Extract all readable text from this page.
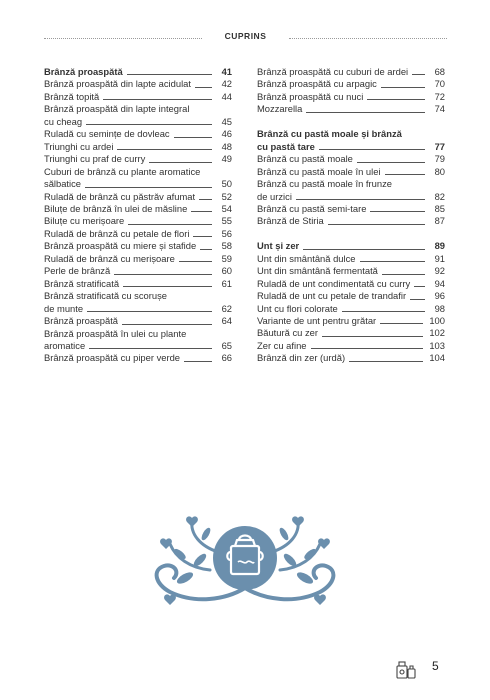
CUPRINS
Brânză proaspătă	41
Brânză proaspătă din lapte acidulat	42
Brânză topită	44
Brânză proaspătă din lapte integral
cu cheag	45
Ruladă cu semințe de dovleac	46
Triunghi cu ardei	48
Triunghi cu praf de curry	49
Cuburi de brânză cu plante aromatice
sălbatice	50
Ruladă de brânză cu păstrăv afumat	52
Biluțe de brânză în ulei de măsline	54
Biluțe cu merișoare	55
Ruladă de brânză cu petale de flori	56
Brânză proaspătă cu miere și stafide	58
Ruladă de brânză cu merișoare	59
Perle de brânză	60
Brânză stratificată	61
Brânză stratificată cu scorușe
de munte	62
Brânză proaspătă	64
Brânză proaspătă în ulei cu plante
aromatice	65
Brânză proaspătă cu piper verde	66
Brânză proaspătă cu cuburi de ardei	68
Brânză proaspătă cu arpagic	70
Brânză proaspătă cu nuci	72
Mozzarella	74
Brânză cu pastă moale și brânză
cu pastă tare	77
Brânză cu pastă moale	79
Brânză cu pastă moale în ulei	80
Brânză cu pastă moale în frunze
de urzici	82
Brânză cu pastă semi-tare	85
Brânză de Stiria	87
Unt și zer	89
Unt din smântână dulce	91
Unt din smântână fermentată	92
Ruladă de unt condimentată cu curry	94
Ruladă de unt cu petale de trandafir	96
Unt cu flori colorate	98
Variante de unt pentru grătar	100
Băutură cu zer	102
Zer cu afine	103
Brânză din zer (urdă)	104
5
